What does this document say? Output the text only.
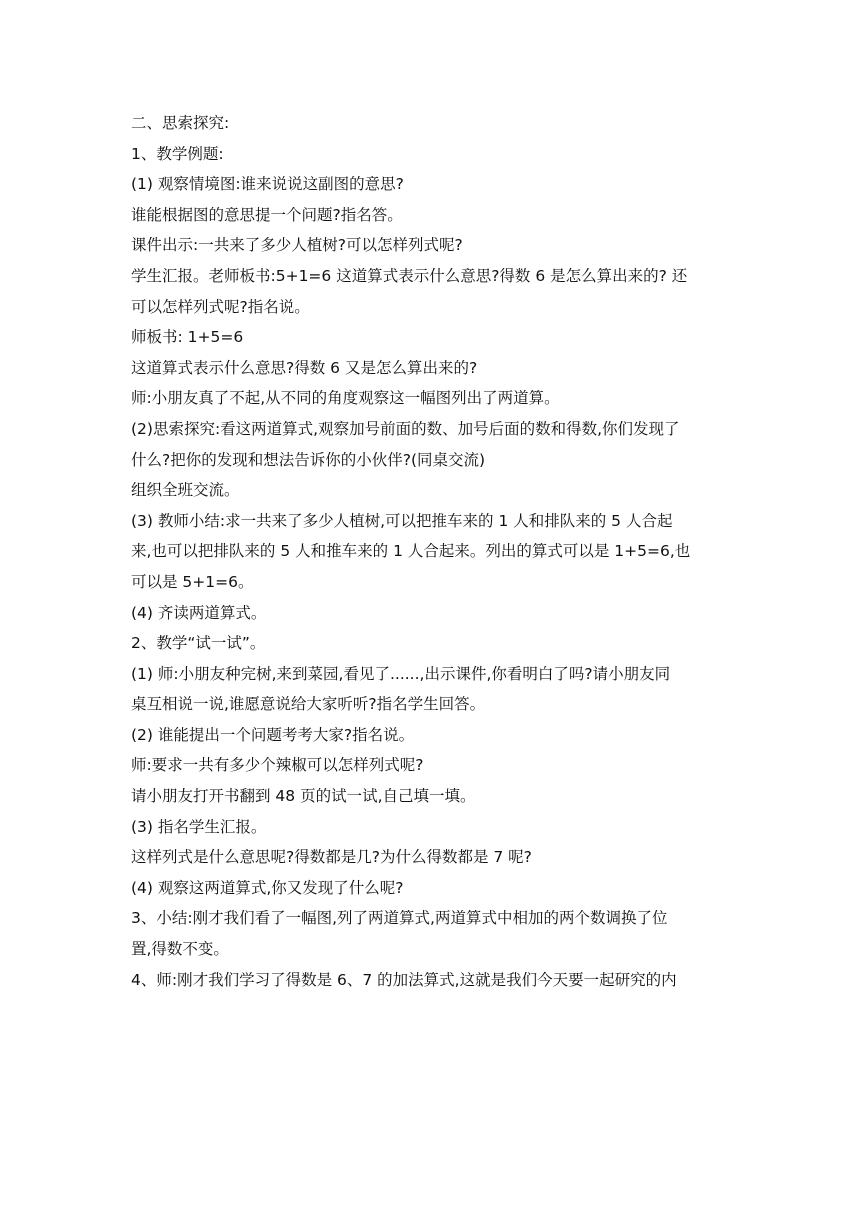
二、思索探究:
1、教学例题:
(1) 观察情境图:谁来说说这副图的意思?
谁能根据图的意思提一个问题?指名答。
课件出示:一共来了多少人植树?可以怎样列式呢?
学生汇报。老师板书:5+1=6 这道算式表示什么意思?得数 6 是怎么算出来的? 还
可以怎样列式呢?指名说。
师板书: 1+5=6
这道算式表示什么意思?得数 6 又是怎么算出来的?
师:小朋友真了不起,从不同的角度观察这一幅图列出了两道算。
(2)思索探究:看这两道算式,观察加号前面的数、加号后面的数和得数,你们发现了
什么?把你的发现和想法告诉你的小伙伴?(同桌交流)
组织全班交流。
(3) 教师小结:求一共来了多少人植树,可以把推车来的 1 人和排队来的 5 人合起
来,也可以把排队来的 5 人和推车来的 1 人合起来。列出的算式可以是 1+5=6,也
可以是 5+1=6。
(4) 齐读两道算式。
2、教学“试一试”。
(1) 师:小朋友种完树,来到菜园,看见了......,出示课件,你看明白了吗?请小朋友同
桌互相说一说,谁愿意说给大家听听?指名学生回答。
(2) 谁能提出一个问题考考大家?指名说。
师:要求一共有多少个辣椒可以怎样列式呢?
请小朋友打开书翻到 48 页的试一试,自己填一填。
(3) 指名学生汇报。
这样列式是什么意思呢?得数都是几?为什么得数都是 7 呢?
(4) 观察这两道算式,你又发现了什么呢?
3、小结:刚才我们看了一幅图,列了两道算式,两道算式中相加的两个数调换了位
置,得数不变。
4、师:刚才我们学习了得数是 6、7 的加法算式,这就是我们今天要一起研究的内
